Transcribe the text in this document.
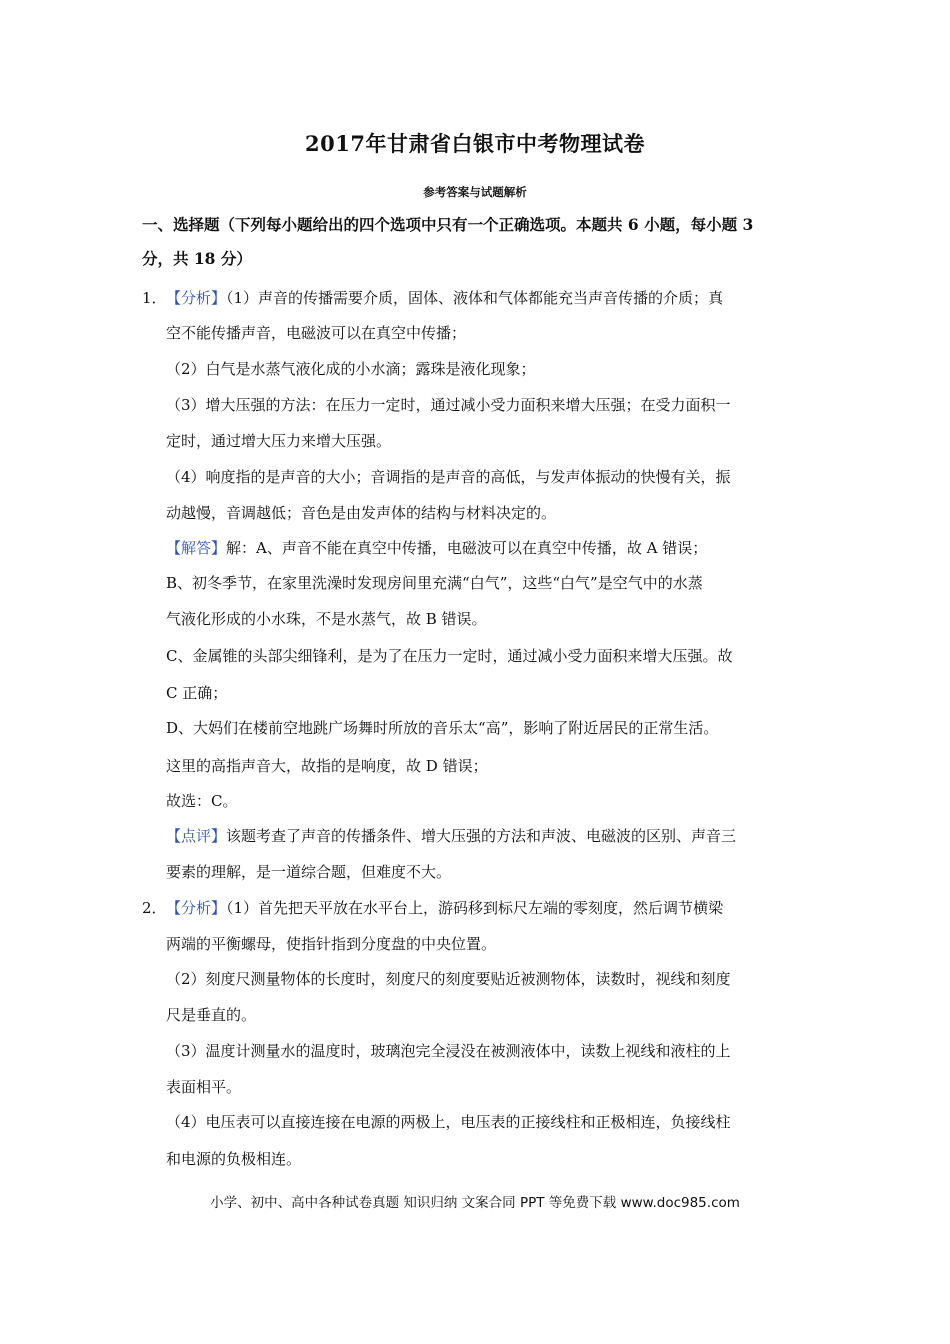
2017年甘肃省白银市中考物理试卷
参考答案与试题解析
一、选择题（下列每小题给出的四个选项中只有一个正确选项。本题共 6 小题，每小题 3
分，共 18 分）
1． 【分析】（1）声音的传播需要介质，固体、液体和气体都能充当声音传播的介质；真
空不能传播声音，电磁波可以在真空中传播；
（2）白气是水蒸气液化成的小水滴；露珠是液化现象；
（3）增大压强的方法：在压力一定时，通过减小受力面积来增大压强；在受力面积一
定时，通过增大压力来增大压强。
（4）响度指的是声音的大小；音调指的是声音的高低，与发声体振动的快慢有关，振
动越慢，音调越低；音色是由发声体的结构与材料决定的。
【解答】解：A、声音不能在真空中传播，电磁波可以在真空中传播，故 A 错误；
B、初冬季节，在家里洗澡时发现房间里充满“白气”，这些“白气”是空气中的水蒸
气液化形成的小水珠，不是水蒸气，故 B 错误。
C、金属锥的头部尖细锋利，是为了在压力一定时，通过减小受力面积来增大压强。故
C 正确；
D、大妈们在楼前空地跳广场舞时所放的音乐太“高”，影响了附近居民的正常生活。
这里的高指声音大，故指的是响度，故 D 错误；
故选：C。
【点评】该题考查了声音的传播条件、增大压强的方法和声波、电磁波的区别、声音三
要素的理解，是一道综合题，但难度不大。
2． 【分析】（1）首先把天平放在水平台上，游码移到标尺左端的零刻度，然后调节横梁
两端的平衡螺母，使指针指到分度盘的中央位置。
（2）刻度尺测量物体的长度时，刻度尺的刻度要贴近被测物体，读数时，视线和刻度
尺是垂直的。
（3）温度计测量水的温度时，玻璃泡完全浸没在被测液体中，读数上视线和液柱的上
表面相平。
（4）电压表可以直接连接在电源的两极上，电压表的正接线柱和正极相连，负接线柱
和电源的负极相连。
小学、初中、高中各种试卷真题 知识归纳 文案合同 PPT 等免费下载 www.doc985.com
